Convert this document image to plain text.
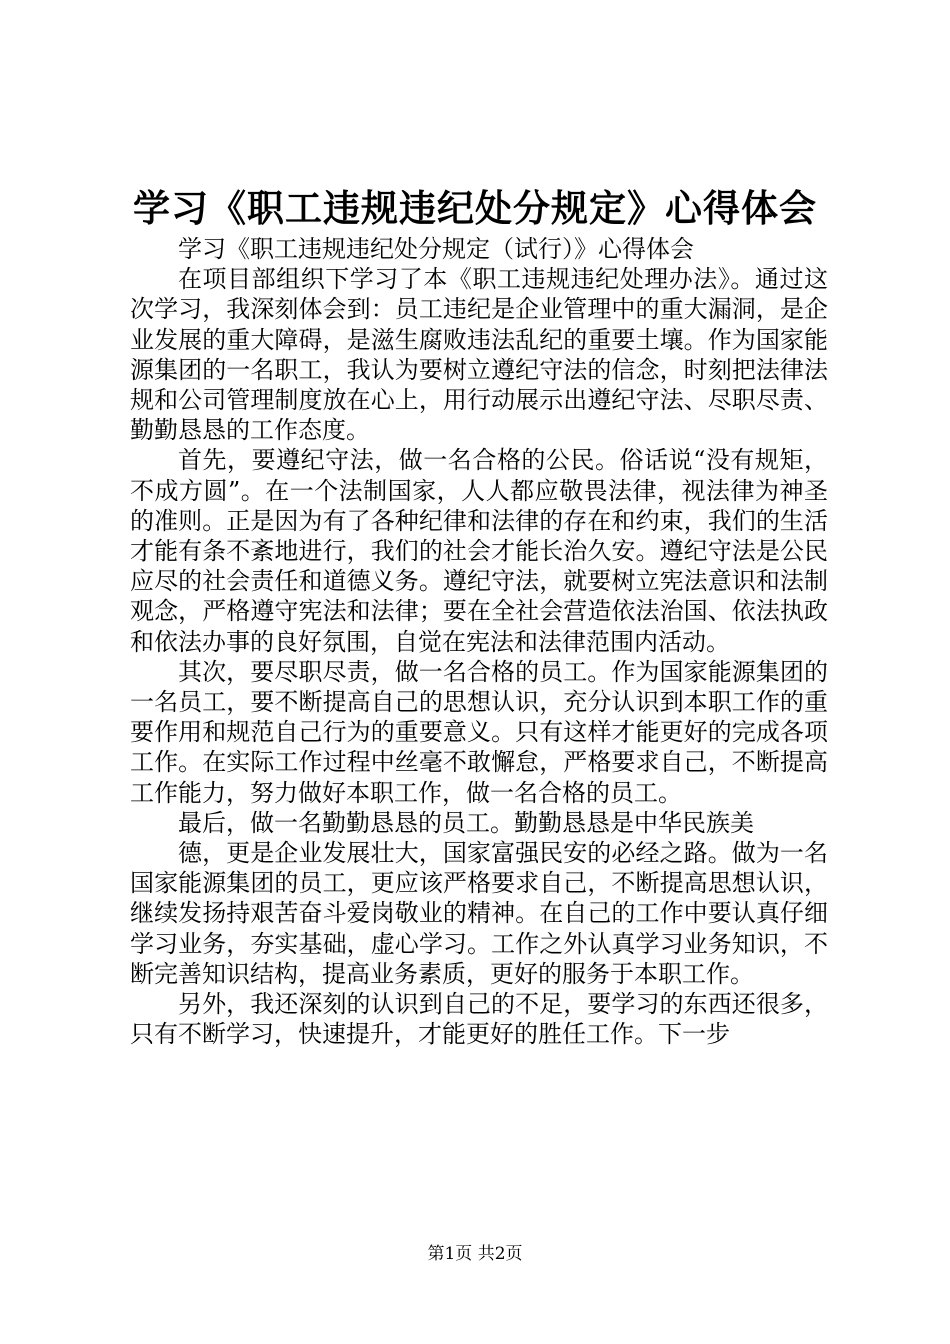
学习《职工违规违纪处分规定》心得体会

学习《职工违规违纪处分规定（试行）》心得体会

在项目部组织下学习了本《职工违规违纪处理办法》。通过这次学习，我深刻体会到：员工违纪是企业管理中的重大漏洞，是企业发展的重大障碍，是滋生腐败违法乱纪的重要土壤。作为国家能源集团的一名职工，我认为要树立遵纪守法的信念，时刻把法律法规和公司管理制度放在心上，用行动展示出遵纪守法、尽职尽责、勤勤恳恳的工作态度。

首先，要遵纪守法，做一名合格的公民。俗话说“没有规矩，不成方圆”。在一个法制国家，人人都应敬畏法律，视法律为神圣的准则。正是因为有了各种纪律和法律的存在和约束，我们的生活才能有条不紊地进行，我们的社会才能长治久安。遵纪守法是公民应尽的社会责任和道德义务。遵纪守法，就要树立宪法意识和法制观念，严格遵守宪法和法律；要在全社会营造依法治国、依法执政和依法办事的良好氛围，自觉在宪法和法律范围内活动。

其次，要尽职尽责，做一名合格的员工。作为国家能源集团的一名员工，要不断提高自己的思想认识，充分认识到本职工作的重要作用和规范自己行为的重要意义。只有这样才能更好的完成各项工作。在实际工作过程中丝毫不敢懈怠，严格要求自己，不断提高工作能力，努力做好本职工作，做一名合格的员工。

最后，做一名勤勤恳恳的员工。勤勤恳恳是中华民族美

德，更是企业发展壮大，国家富强民安的必经之路。做为一名国家能源集团的员工，更应该严格要求自己，不断提高思想认识，继续发扬持艰苦奋斗爱岗敬业的精神。在自己的工作中要认真仔细学习业务，夯实基础，虚心学习。工作之外认真学习业务知识，不断完善知识结构，提高业务素质，更好的服务于本职工作。

另外，我还深刻的认识到自己的不足，要学习的东西还很多，只有不断学习，快速提升，才能更好的胜任工作。下一步

第1页 共2页
